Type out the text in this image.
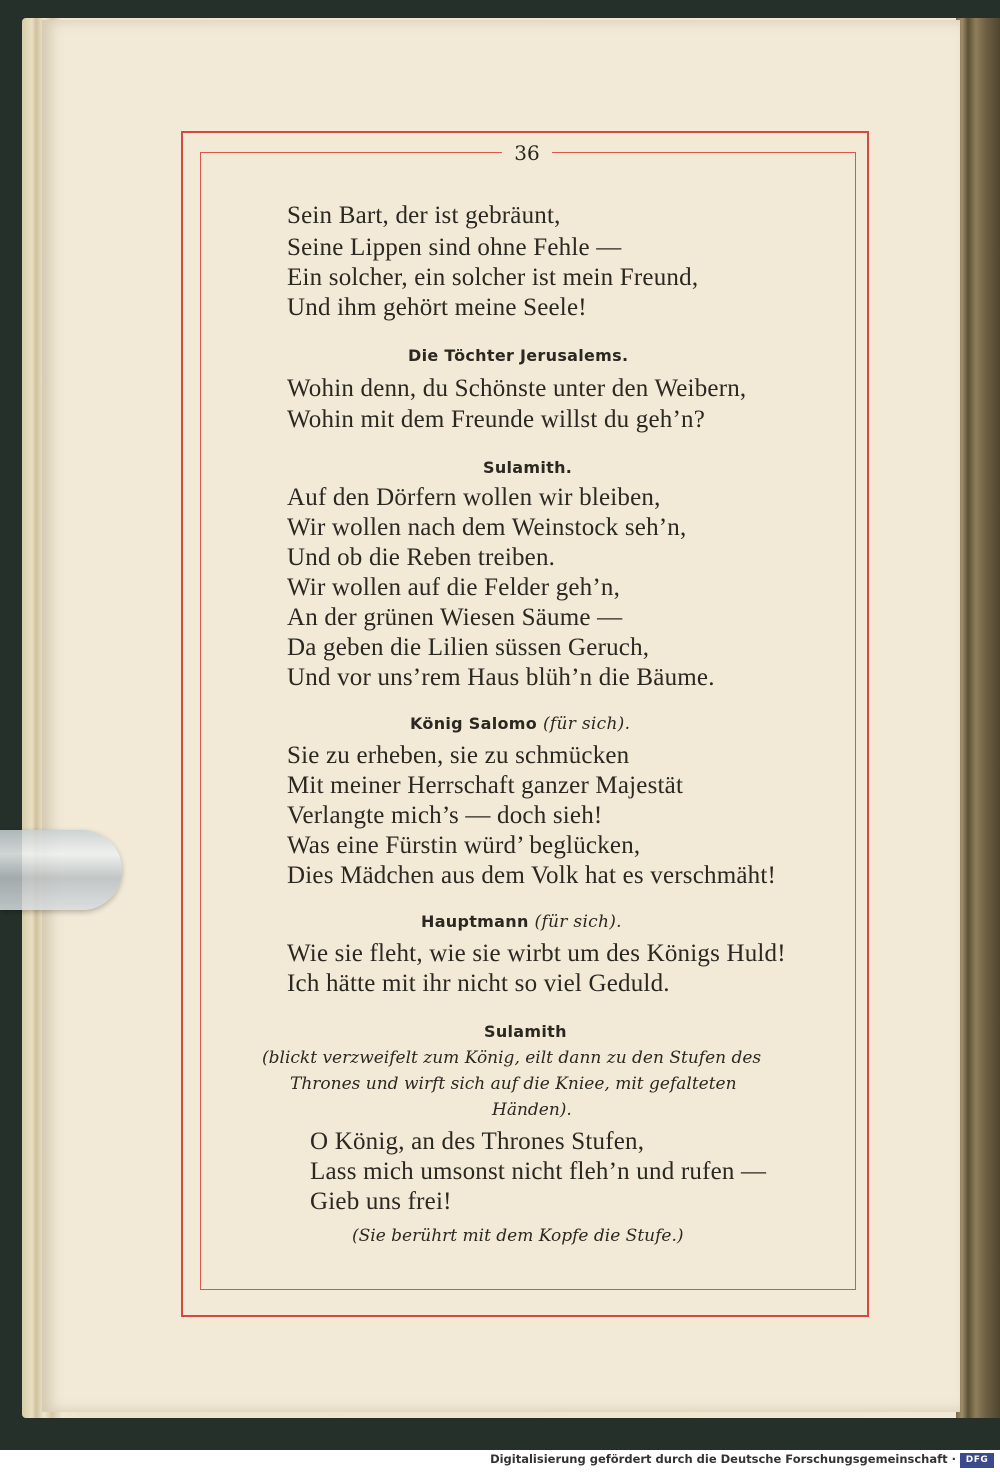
36
Sein Bart, der ist gebräunt,
Seine Lippen sind ohne Fehle —
Ein solcher, ein solcher ist mein Freund,
Und ihm gehört meine Seele!
Die Töchter Jerusalems.
Wohin denn, du Schönste unter den Weibern,
Wohin mit dem Freunde willst du geh’n?
Sulamith.
Auf den Dörfern wollen wir bleiben,
Wir wollen nach dem Weinstock seh’n,
Und ob die Reben treiben.
Wir wollen auf die Felder geh’n,
An der grünen Wiesen Säume —
Da geben die Lilien süssen Geruch,
Und vor uns’rem Haus blüh’n die Bäume.
König Salomo (für sich).
Sie zu erheben, sie zu schmücken
Mit meiner Herrschaft ganzer Majestät
Verlangte mich’s — doch sieh!
Was eine Fürstin würd’ beglücken,
Dies Mädchen aus dem Volk hat es verschmäht!
Hauptmann (für sich).
Wie sie fleht, wie sie wirbt um des Königs Huld!
Ich hätte mit ihr nicht so viel Geduld.
Sulamith
(blickt verzweifelt zum König, eilt dann zu den Stufen des
Thrones und wirft sich auf die Kniee, mit gefalteten
Händen).
O König, an des Thrones Stufen,
Lass mich umsonst nicht fleh’n und rufen —
Gieb uns frei!
(Sie berührt mit dem Kopfe die Stufe.)
Digitalisierung gefördert durch die Deutsche Forschungsgemeinschaft ·	DFG
